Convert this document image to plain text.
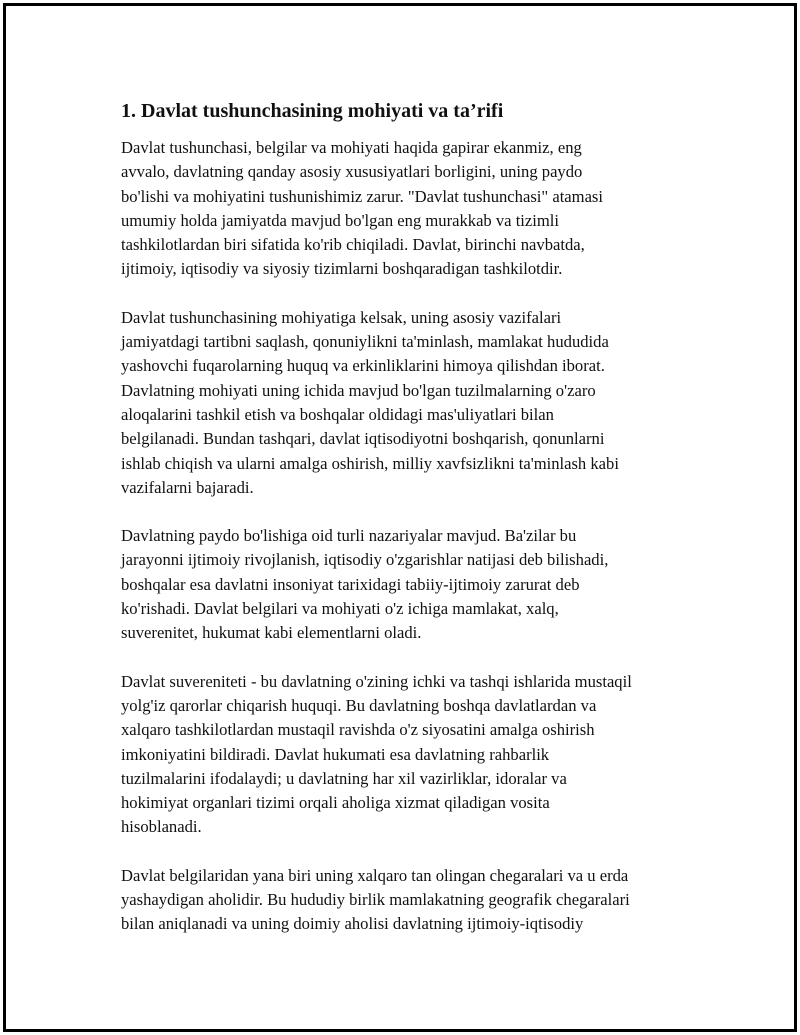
1. Davlat tushunchasining mohiyati va ta’rifi

Davlat tushunchasi, belgilar va mohiyati haqida gapirar ekanmiz, eng
avvalo, davlatning qanday asosiy xususiyatlari borligini, uning paydo
bo'lishi va mohiyatini tushunishimiz zarur. "Davlat tushunchasi" atamasi
umumiy holda jamiyatda mavjud bo'lgan eng murakkab va tizimli
tashkilotlardan biri sifatida ko'rib chiqiladi. Davlat, birinchi navbatda,
ijtimoiy, iqtisodiy va siyosiy tizimlarni boshqaradigan tashkilotdir.

Davlat tushunchasining mohiyatiga kelsak, uning asosiy vazifalari
jamiyatdagi tartibni saqlash, qonuniylikni ta'minlash, mamlakat hududida
yashovchi fuqarolarning huquq va erkinliklarini himoya qilishdan iborat.
Davlatning mohiyati uning ichida mavjud bo'lgan tuzilmalarning o'zaro
aloqalarini tashkil etish va boshqalar oldidagi mas'uliyatlari bilan
belgilanadi. Bundan tashqari, davlat iqtisodiyotni boshqarish, qonunlarni
ishlab chiqish va ularni amalga oshirish, milliy xavfsizlikni ta'minlash kabi
vazifalarni bajaradi.

Davlatning paydo bo'lishiga oid turli nazariyalar mavjud. Ba'zilar bu
jarayonni ijtimoiy rivojlanish, iqtisodiy o'zgarishlar natijasi deb bilishadi,
boshqalar esa davlatni insoniyat tarixidagi tabiiy-ijtimoiy zarurat deb
ko'rishadi. Davlat belgilari va mohiyati o'z ichiga mamlakat, xalq,
suverenitet, hukumat kabi elementlarni oladi.

Davlat suvereniteti - bu davlatning o'zining ichki va tashqi ishlarida mustaqil
yolg'iz qarorlar chiqarish huquqi. Bu davlatning boshqa davlatlardan va
xalqaro tashkilotlardan mustaqil ravishda o'z siyosatini amalga oshirish
imkoniyatini bildiradi. Davlat hukumati esa davlatning rahbarlik
tuzilmalarini ifodalaydi; u davlatning har xil vazirliklar, idoralar va
hokimiyat organlari tizimi orqali aholiga xizmat qiladigan vosita
hisoblanadi.

Davlat belgilaridan yana biri uning xalqaro tan olingan chegaralari va u erda
yashaydigan aholidir. Bu hududiy birlik mamlakatning geografik chegaralari
bilan aniqlanadi va uning doimiy aholisi davlatning ijtimoiy-iqtisodiy
